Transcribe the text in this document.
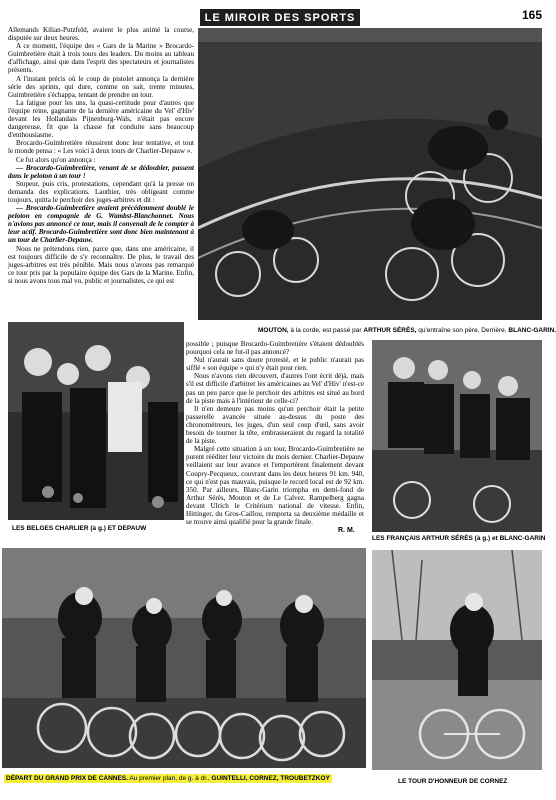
LE MIROIR DES SPORTS	165

Allemands Kilian-Putzfeld, avaient le plus animé la course, disputée sur deux heures.

A ce moment, l'équipe des « Gars de la Marine » Brocardo-Guimbretière était à trois tours des leaders. Du moins au tableau d'affichage, ainsi que dans l'esprit des spectateurs et journalistes présents.

A l'instant précis où le coup de pistolet annonça la dernière série des sprints, qui dure, comme on sait, trente minutes, Guimbretière s'échappa, tentant de prendre un tour.

La fatigue pour les uns, la quasi-certitude pour d'autres que l'équipe reine, gagnante de la dernière américaine du Vel' d'Hiv' devant les Hollandais Pijnenburg-Wals, n'était pas encore dangereuse, fit que la chasse fut conduite sans beaucoup d'enthousiasme.

Brocardo-Guimbretière réussirent donc leur tentative, et tout le monde pensa : « Les voici à deux tours de Charlier-Depauw ».

Ce fut alors qu'on annonça :

— Brocardo-Guimbretière, venant de se dédoubler, passent dans le peloton à un tour !

Stupeur, puis cris, protestations, cependant qu'à la presse on demanda des explications. Lauthier, très obligeant comme toujours, quitta le perchoir des juges-arbitres et dit :

— Brocardo-Guimbretière avaient précédemment doublé le peloton en compagnie de G. Wambst-Blanchonnet. Nous n'avions pas annoncé ce tour, mais il convenait de le compter à leur actif. Brocardo-Guimbretière sont donc bien maintenant à un tour de Charlier-Depauw.

Nous ne prétendons rien, parce que, dans une américaine, il est toujours difficile de s'y reconnaître. De plus, le travail des juges-arbitres est très pénible. Mais nous n'avons pas remarqué ce tour pris par la populaire équipe des Gars de la Marine. Enfin, si nous avons tous mal vu, public et journalistes, ce qui est

MOUTON, à la corde, est passé par ARTHUR SÉRÈS, qu'entraîne son père. Derrière, BLANC-GARIN.
LES BELGES CHARLIER (à g.) ET DEPAUW

possible ; puisque Brocardo-Guimbretière s'étaient dédoublés pourquoi cela ne fut-il pas annoncé?

Nul n'aurait sans doute protesté, et le public n'aurait pas sifflé « son équipe » qui n'y était pour rien.

Nous n'avons rien découvert, d'autres l'ont écrit déjà, mais s'il est difficile d'arbitrer les américaines au Vel' d'Hiv' n'est-ce pas un peu parce que le perchoir des arbitres est situé au bord de la piste mais à l'intérieur de celle-ci?

Il n'en demeure pas moins qu'un perchoir était la petite passerelle avancée située au-dessus du poste des chronométreurs, les juges, d'un seul coup d'œil, sans avoir besoin de tourner la tête, embrasseraient du regard la totalité de la piste.

Malgré cette situation à un tour, Brocardo-Guimbretière ne purent rééditer leur victoire du mois dernier. Charlier-Depauw veillaient sur leur avance et l'emportèrent finalement devant Coupry-Pecqueux, couvrant dans les deux heures 91 km. 940, ce qui n'est pas mauvais, puisque le record local est de 92 km. 350. Par ailleurs, Blanc-Garin triompha en demi-fond de Arthur Sérès, Mouton et de Le Calvez. Rampelberg gagna devant Ulrich le Critérium national de vitesse. Enfin, Hittinger, du Gros-Caillou, remporta sa deuxième médaille et se trouve ainsi qualifié pour la grande finale.

R. M.
LES FRANÇAIS ARTHUR SÉRÈS (à g.) et BLANC-GARIN
DÉPART DU GRAND PRIX DE CANNES. Au premier plan, de g. à dr., GUINTELLI, CORNEZ, TROUBETZKOY	LE TOUR D'HONNEUR DE CORNEZ
